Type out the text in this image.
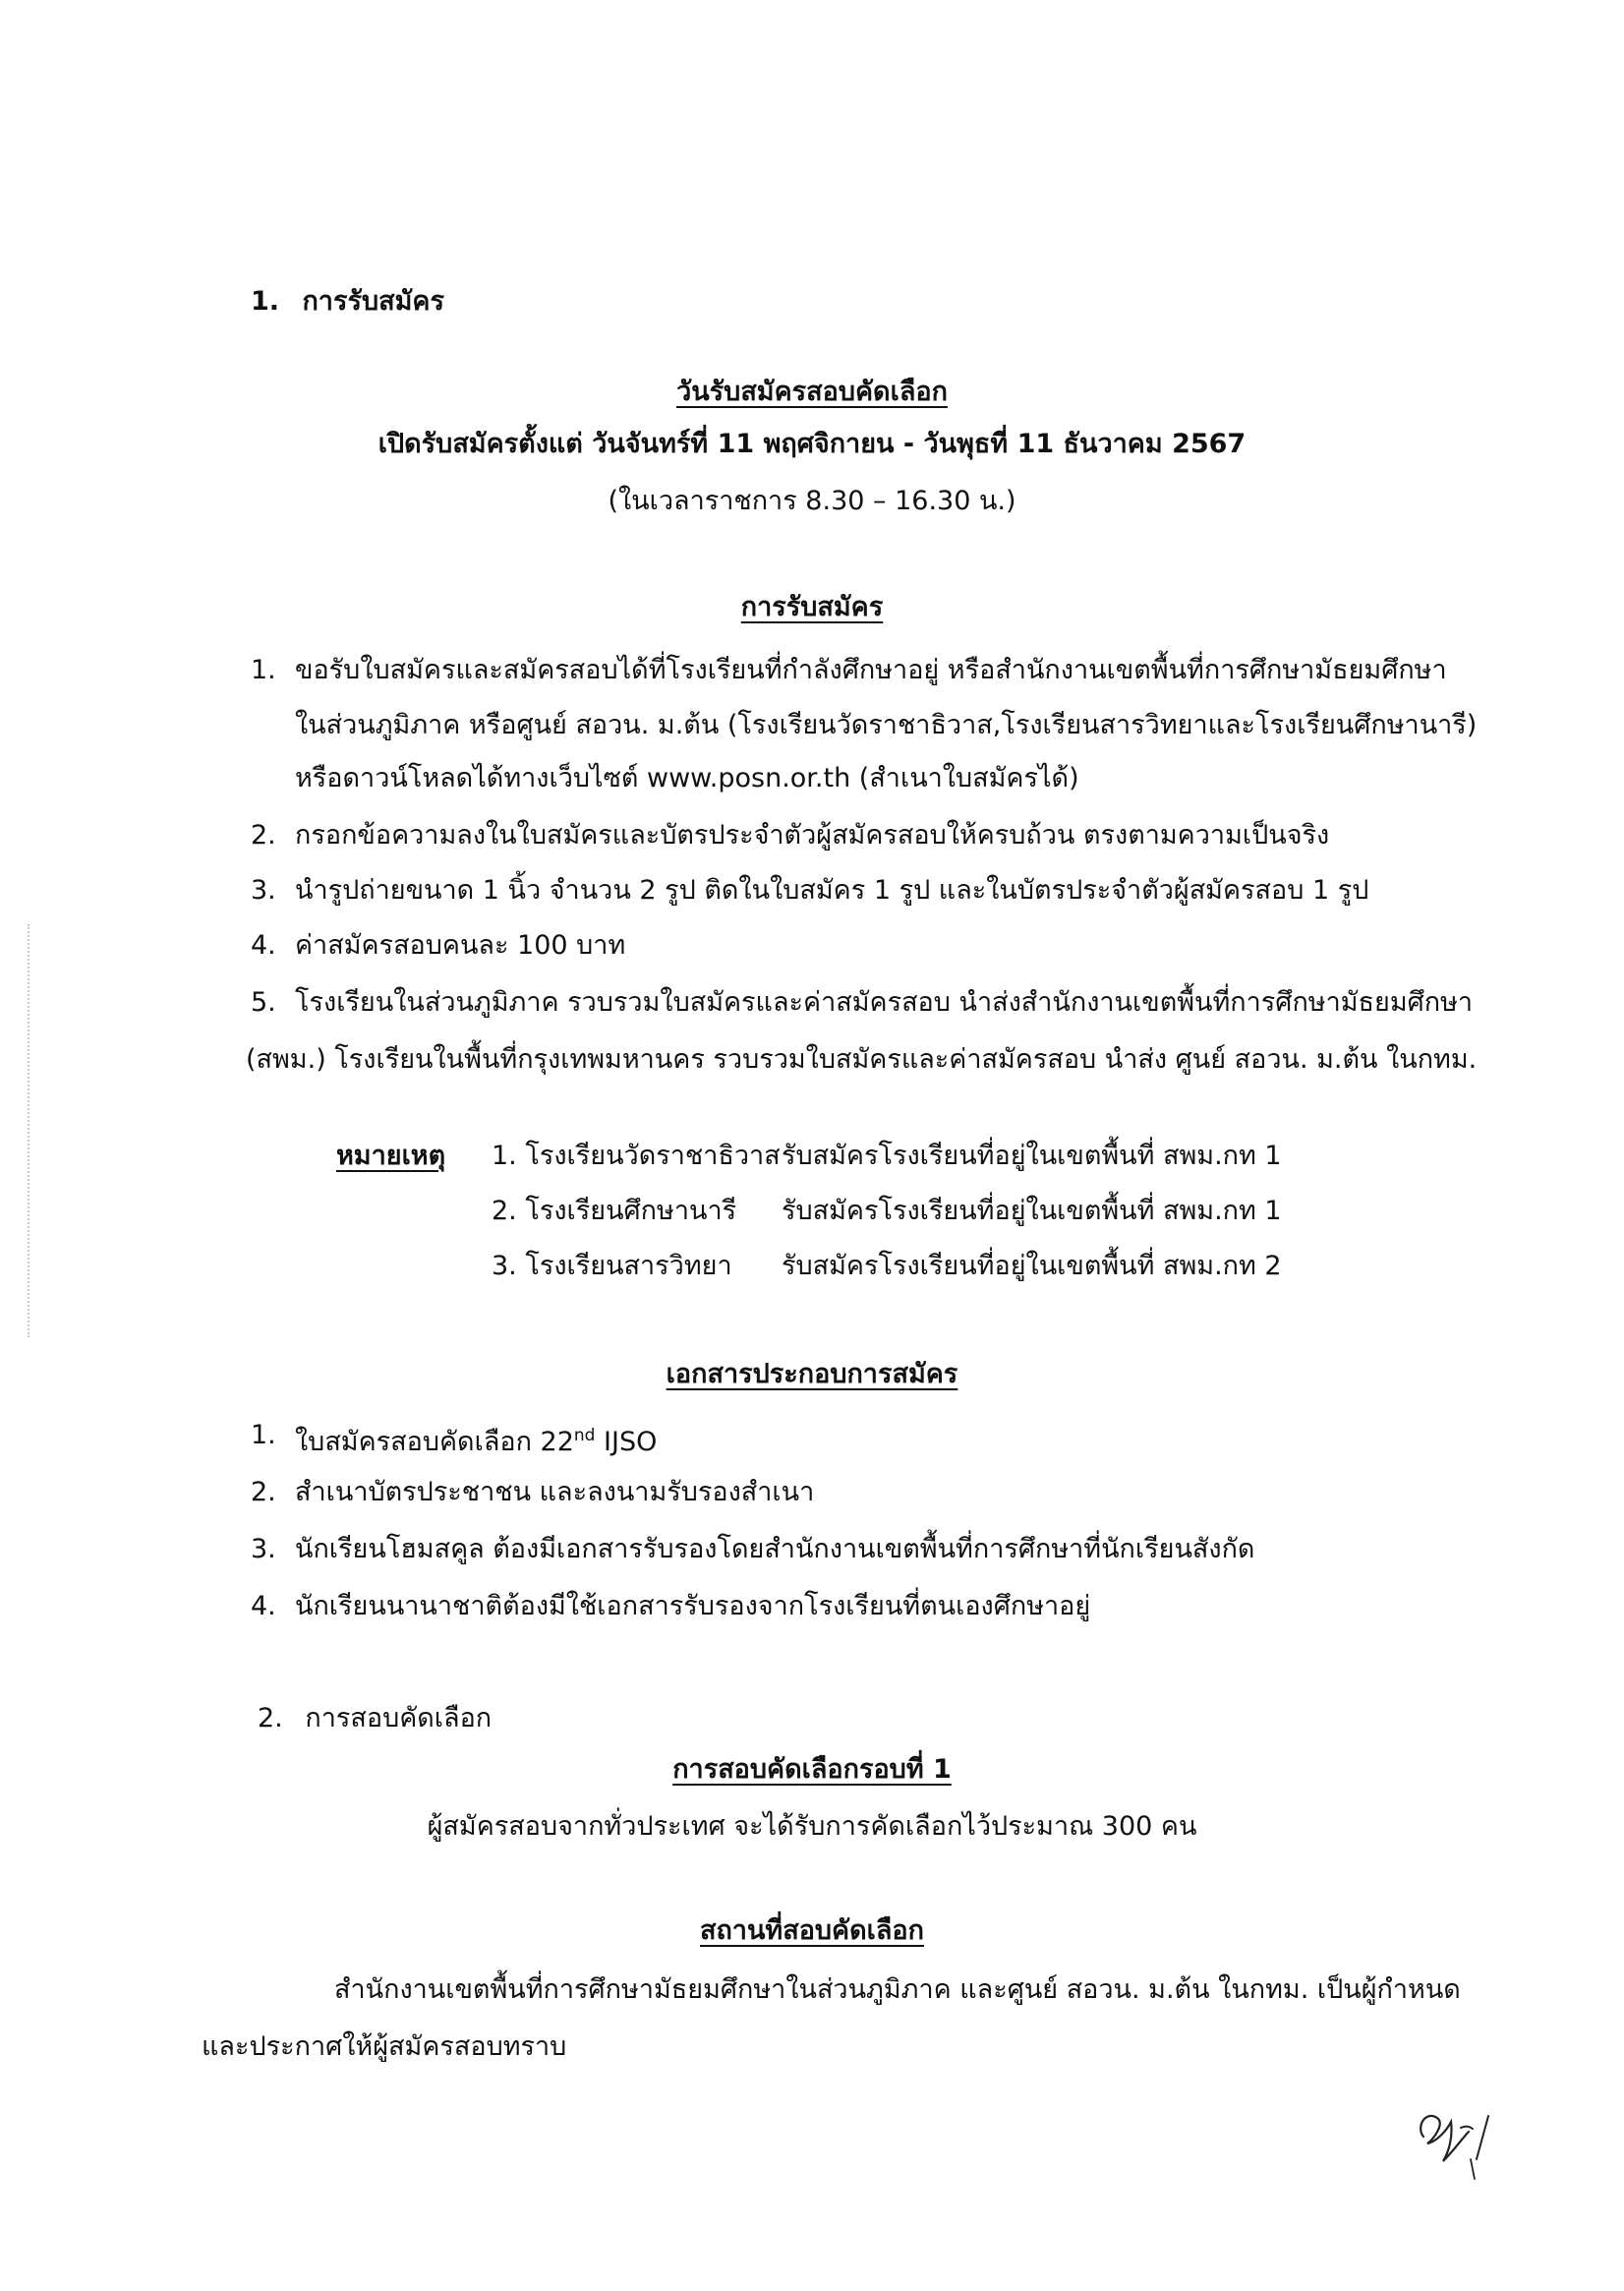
1. การรับสมัคร
วันรับสมัครสอบคัดเลือก
เปิดรับสมัครตั้งแต่ วันจันทร์ที่ 11 พฤศจิกายน - วันพุธที่ 11 ธันวาคม 2567
(ในเวลาราชการ 8.30 – 16.30 น.)
การรับสมัคร
1. ขอรับใบสมัครและสมัครสอบได้ที่โรงเรียนที่กำลังศึกษาอยู่ หรือสำนักงานเขตพื้นที่การศึกษามัธยมศึกษา
ในส่วนภูมิภาค หรือศูนย์ สอวน. ม.ต้น (โรงเรียนวัดราชาธิวาส,โรงเรียนสารวิทยาและโรงเรียนศึกษานารี)
หรือดาวน์โหลดได้ทางเว็บไซต์ www.posn.or.th (สำเนาใบสมัครได้)
2. กรอกข้อความลงในใบสมัครและบัตรประจำตัวผู้สมัครสอบให้ครบถ้วน ตรงตามความเป็นจริง
3. นำรูปถ่ายขนาด 1 นิ้ว จำนวน 2 รูป ติดในใบสมัคร 1 รูป และในบัตรประจำตัวผู้สมัครสอบ 1 รูป
4. ค่าสมัครสอบคนละ 100 บาท
5. โรงเรียนในส่วนภูมิภาค รวบรวมใบสมัครและค่าสมัครสอบ นำส่งสำนักงานเขตพื้นที่การศึกษามัธยมศึกษา
(สพม.) โรงเรียนในพื้นที่กรุงเทพมหานคร รวบรวมใบสมัครและค่าสมัครสอบ นำส่ง ศูนย์ สอวน. ม.ต้น ในกทม.
หมายเหตุ 1. โรงเรียนวัดราชาธิวาส รับสมัครโรงเรียนที่อยู่ในเขตพื้นที่ สพม.กท 1
2. โรงเรียนศึกษานารี รับสมัครโรงเรียนที่อยู่ในเขตพื้นที่ สพม.กท 1
3. โรงเรียนสารวิทยา รับสมัครโรงเรียนที่อยู่ในเขตพื้นที่ สพม.กท 2
เอกสารประกอบการสมัคร
1. ใบสมัครสอบคัดเลือก 22nd IJSO
2. สำเนาบัตรประชาชน และลงนามรับรองสำเนา
3. นักเรียนโฮมสคูล ต้องมีเอกสารรับรองโดยสำนักงานเขตพื้นที่การศึกษาที่นักเรียนสังกัด
4. นักเรียนนานาชาติต้องมีใช้เอกสารรับรองจากโรงเรียนที่ตนเองศึกษาอยู่
2. การสอบคัดเลือก
การสอบคัดเลือกรอบที่ 1
ผู้สมัครสอบจากทั่วประเทศ จะได้รับการคัดเลือกไว้ประมาณ 300 คน
สถานที่สอบคัดเลือก
สำนักงานเขตพื้นที่การศึกษามัธยมศึกษาในส่วนภูมิภาค และศูนย์ สอวน. ม.ต้น ในกทม. เป็นผู้กำหนด
และประกาศให้ผู้สมัครสอบทราบ
